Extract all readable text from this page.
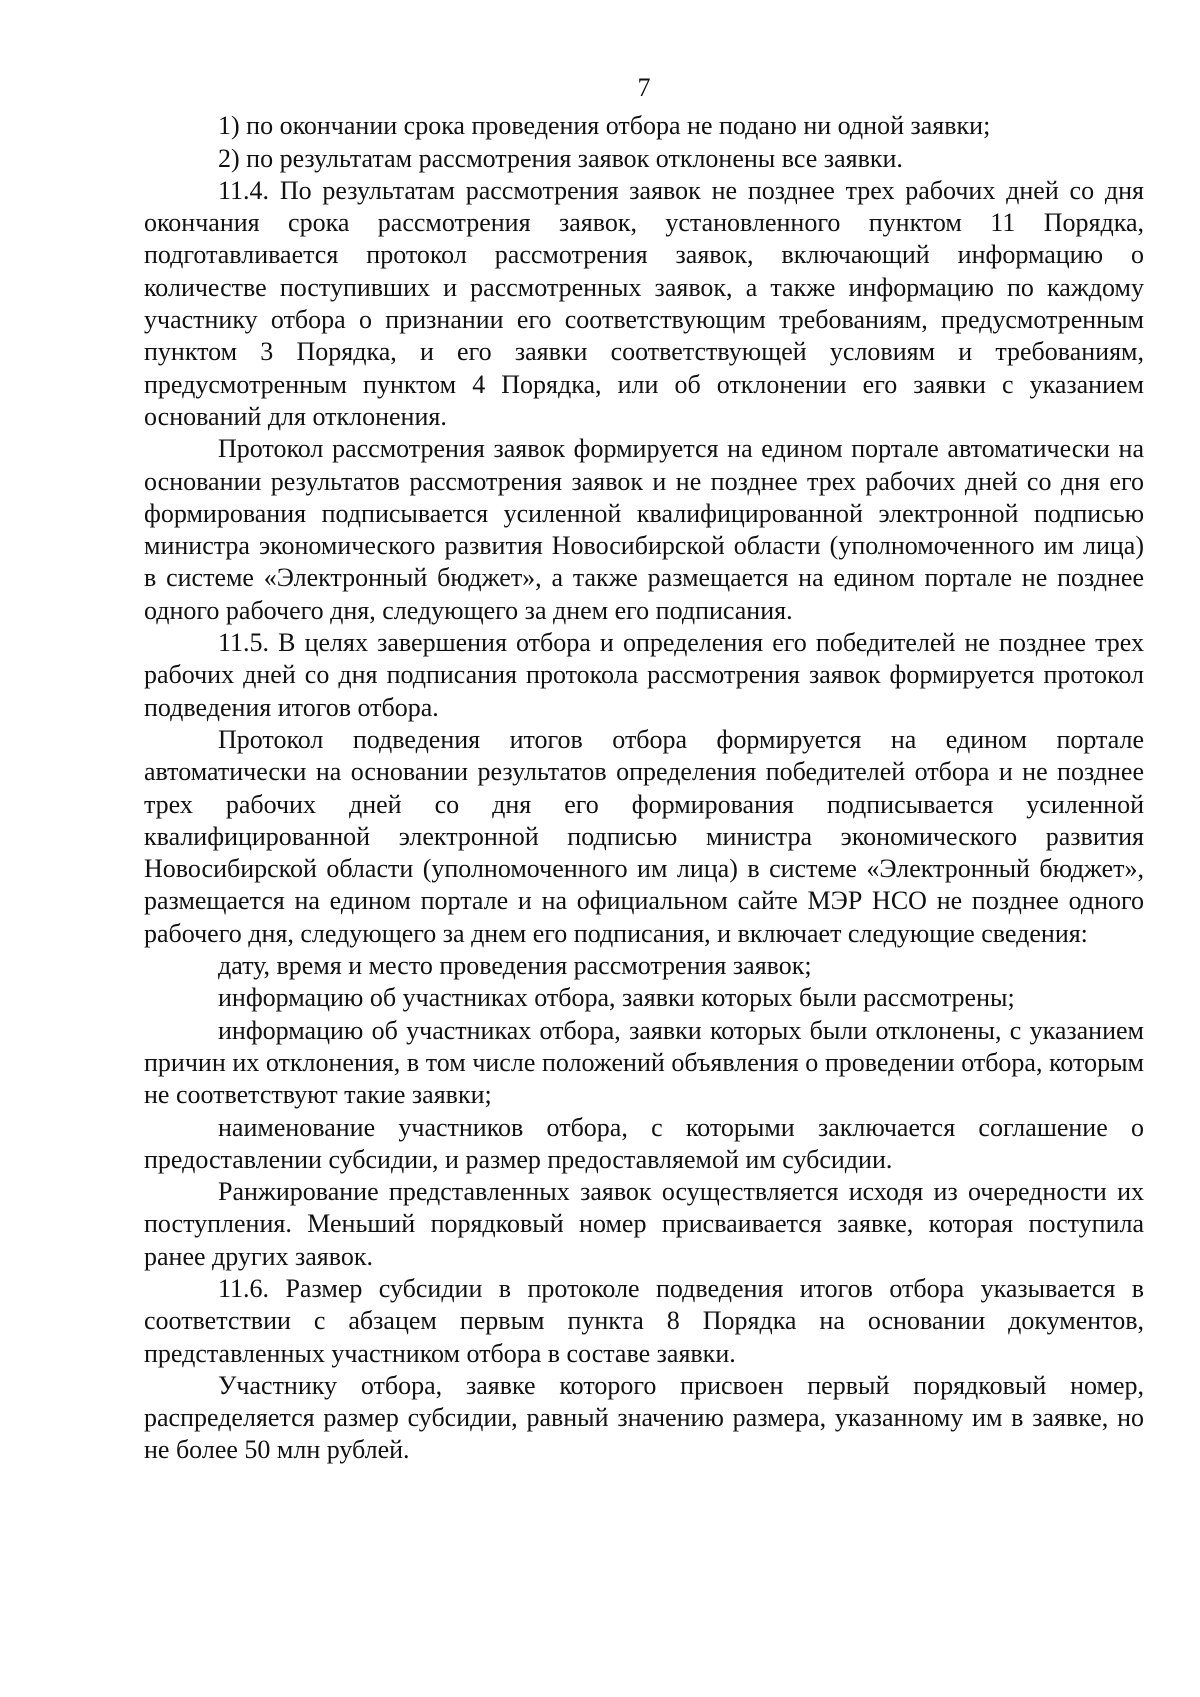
7

1) по окончании срока проведения отбора не подано ни одной заявки;

2) по результатам рассмотрения заявок отклонены все заявки.

11.4. По результатам рассмотрения заявок не позднее трех рабочих дней со дня окончания срока рассмотрения заявок, установленного пунктом 11 Порядка, подготавливается протокол рассмотрения заявок, включающий информацию о количестве поступивших и рассмотренных заявок, а также информацию по каждому участнику отбора о признании его соответствующим требованиям, предусмотренным пунктом 3 Порядка, и его заявки соответствующей условиям и требованиям, предусмотренным пунктом 4 Порядка, или об отклонении его заявки с указанием оснований для отклонения.

Протокол рассмотрения заявок формируется на едином портале автоматически на основании результатов рассмотрения заявок и не позднее трех рабочих дней со дня его формирования подписывается усиленной квалифицированной электронной подписью министра экономического развития Новосибирской области (уполномоченного им лица) в системе «Электронный бюджет», а также размещается на едином портале не позднее одного рабочего дня, следующего за днем его подписания.

11.5. В целях завершения отбора и определения его победителей не позднее трех рабочих дней со дня подписания протокола рассмотрения заявок формируется протокол подведения итогов отбора.

Протокол подведения итогов отбора формируется на едином портале автоматически на основании результатов определения победителей отбора и не позднее трех рабочих дней со дня его формирования подписывается усиленной квалифицированной электронной подписью министра экономического развития Новосибирской области (уполномоченного им лица) в системе «Электронный бюджет», размещается на едином портале и на официальном сайте МЭР НСО не позднее одного рабочего дня, следующего за днем его подписания, и включает следующие сведения:

дату, время и место проведения рассмотрения заявок;

информацию об участниках отбора, заявки которых были рассмотрены;

информацию об участниках отбора, заявки которых были отклонены, с указанием причин их отклонения, в том числе положений объявления о проведении отбора, которым не соответствуют такие заявки;

наименование участников отбора, с которыми заключается соглашение о предоставлении субсидии, и размер предоставляемой им субсидии.

Ранжирование представленных заявок осуществляется исходя из очередности их поступления. Меньший порядковый номер присваивается заявке, которая поступила ранее других заявок.

11.6. Размер субсидии в протоколе подведения итогов отбора указывается в соответствии с абзацем первым пункта 8 Порядка на основании документов, представленных участником отбора в составе заявки.

Участнику отбора, заявке которого присвоен первый порядковый номер, распределяется размер субсидии, равный значению размера, указанному им в заявке, но не более 50 млн рублей.
